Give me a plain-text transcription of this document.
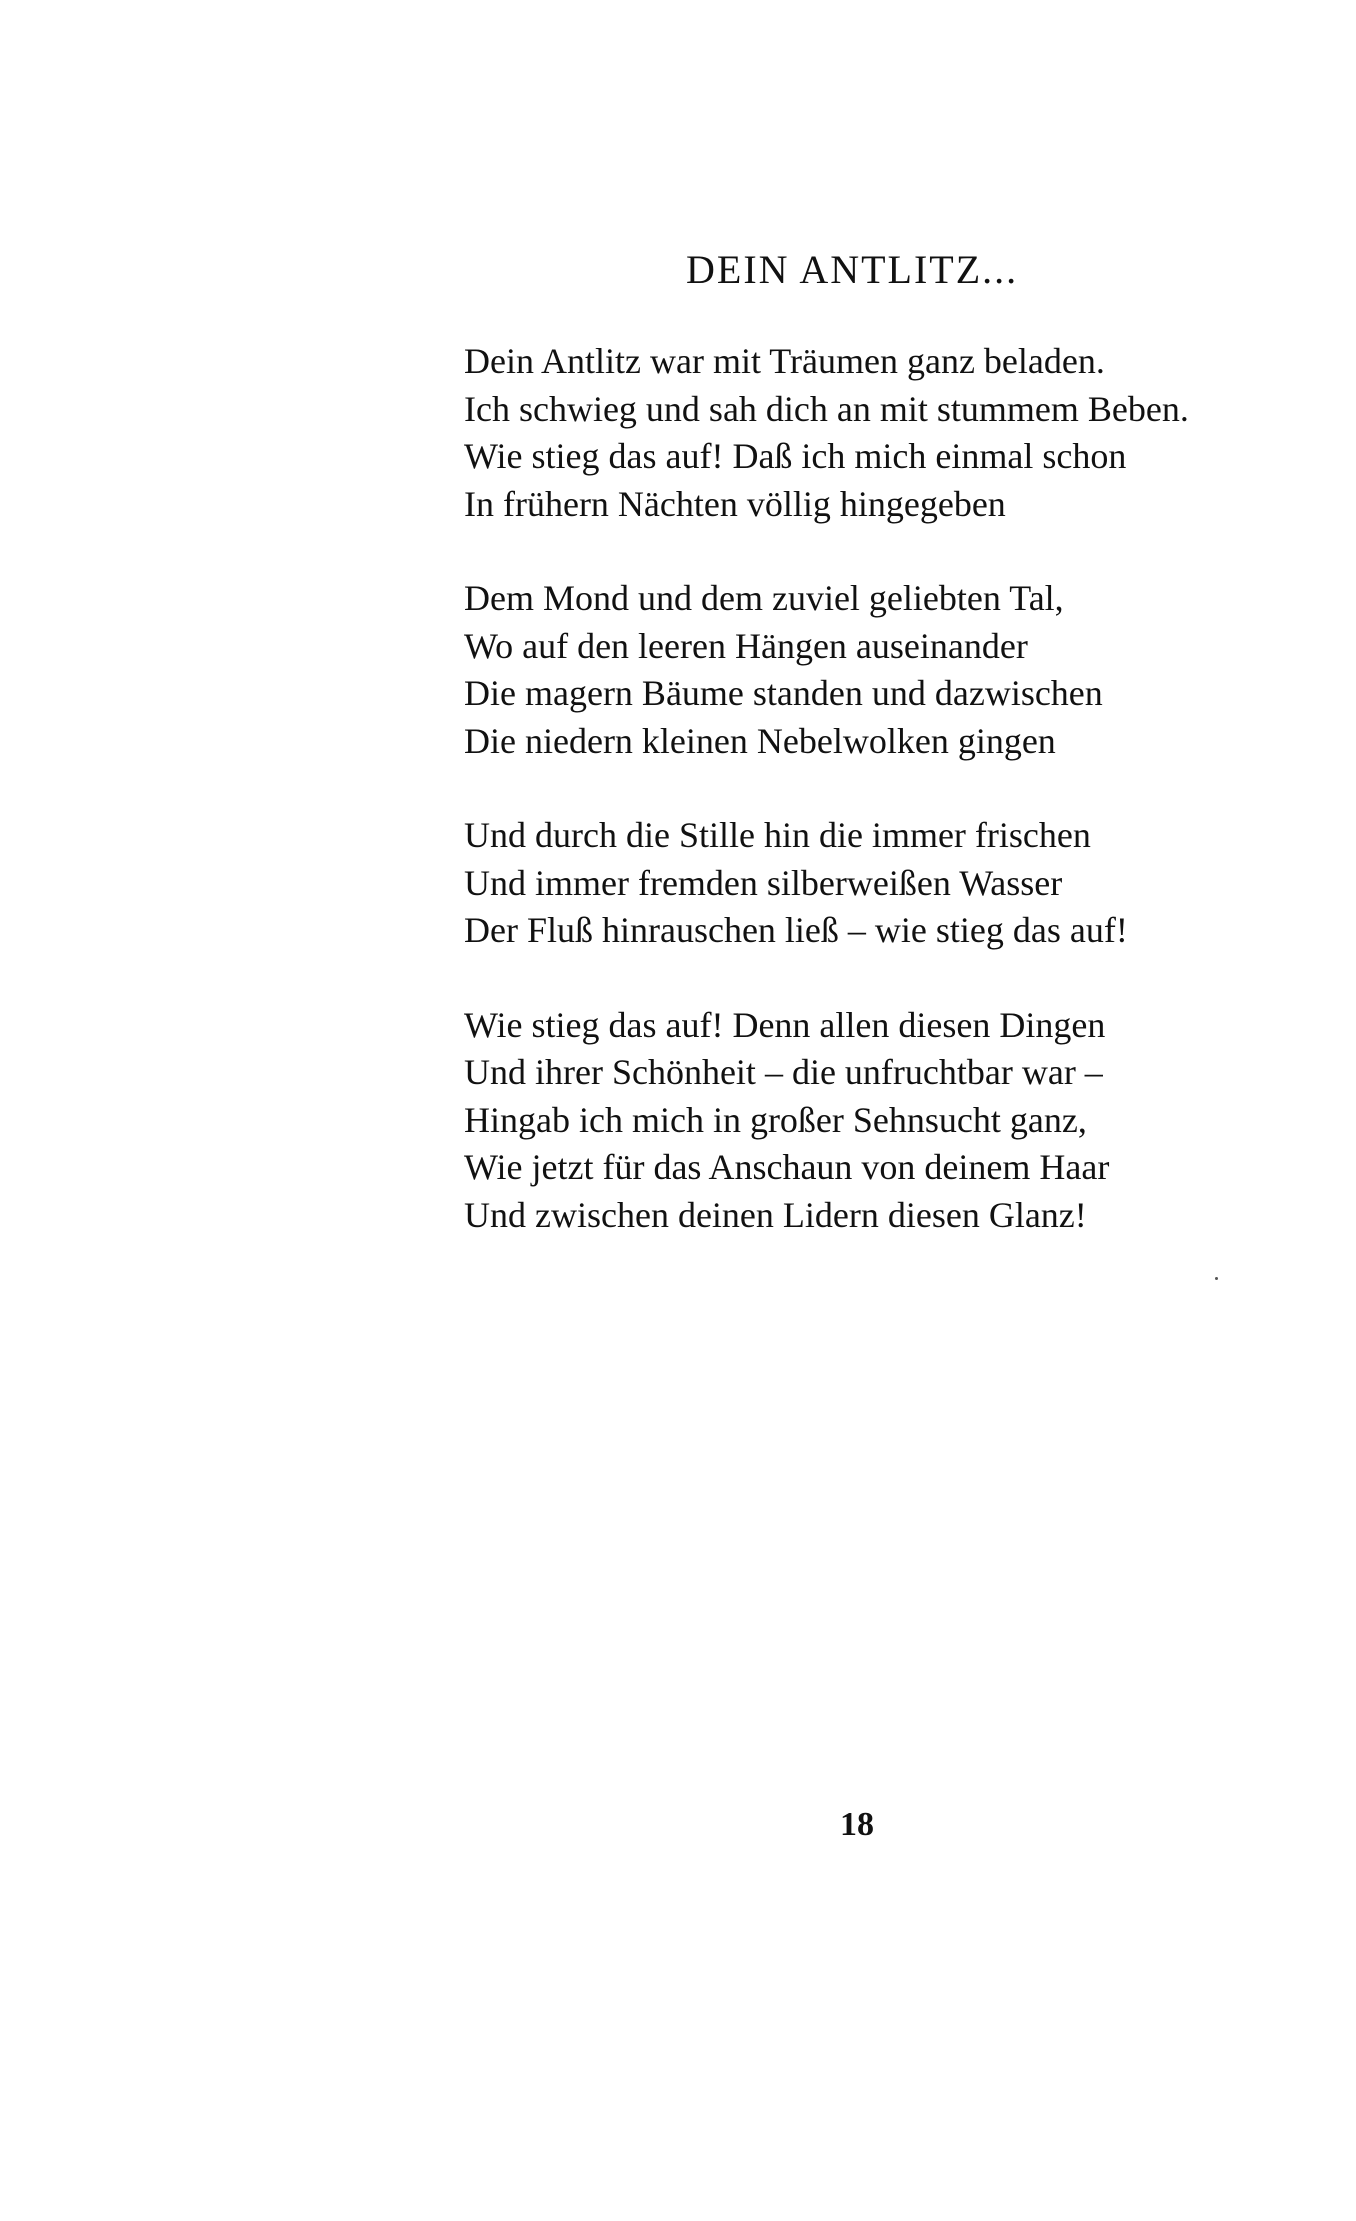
DEIN ANTLITZ...
Dein Antlitz war mit Träumen ganz beladen.
Ich schwieg und sah dich an mit stummem Beben.
Wie stieg das auf! Daß ich mich einmal schon
In frühern Nächten völlig hingegeben
Dem Mond und dem zuviel geliebten Tal,
Wo auf den leeren Hängen auseinander
Die magern Bäume standen und dazwischen
Die niedern kleinen Nebelwolken gingen
Und durch die Stille hin die immer frischen
Und immer fremden silberweißen Wasser
Der Fluß hinrauschen ließ – wie stieg das auf!
Wie stieg das auf! Denn allen diesen Dingen
Und ihrer Schönheit – die unfruchtbar war –
Hingab ich mich in großer Sehnsucht ganz,
Wie jetzt für das Anschaun von deinem Haar
Und zwischen deinen Lidern diesen Glanz!
18
